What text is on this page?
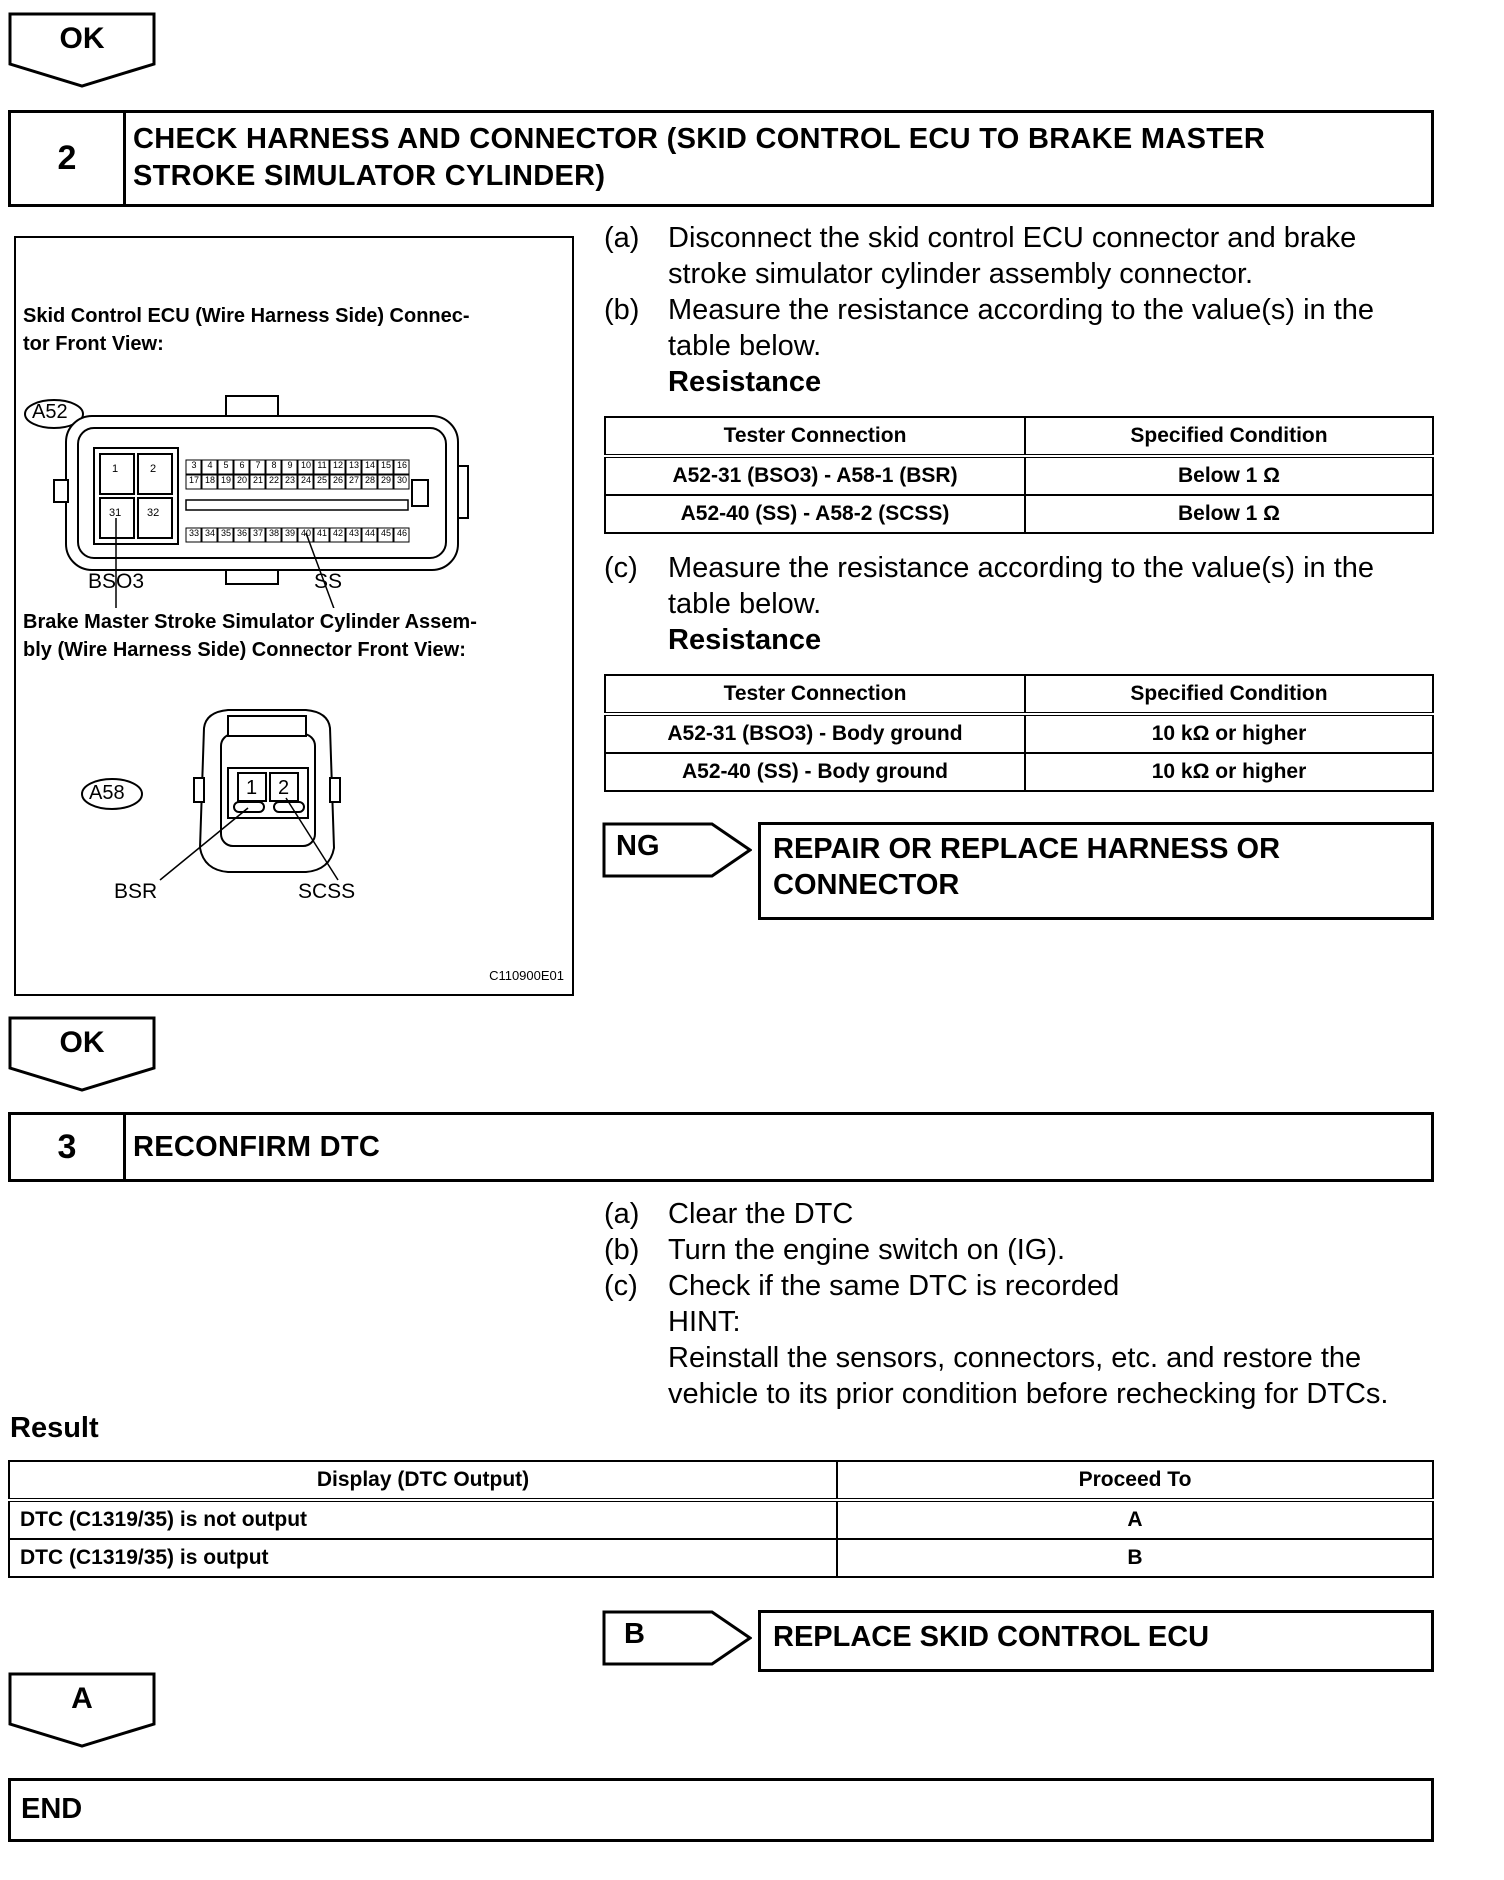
OK
2	CHECK HARNESS AND CONNECTOR (SKID CONTROL ECU TO BRAKE MASTER
STROKE SIMULATOR CYLINDER)
Skid Control ECU (Wire Harness Side) Connec-
tor Front View:
A52
1	2
31 32
3	4	5	6	7	8	9 10 11 12 13 14 15 16
17 18 19 20 21 22 23 24 25 26 27 28 29 30
33 34 35 36 37 38 39 40 41 42 43 44 45 46
BSO3	SS
Brake Master Stroke Simulator Cylinder Assem-
bly (Wire Harness Side) Connector Front View:
A58	1 2
BSR	SCSS
C110900E01
(a) Disconnect the skid control ECU connector and brake
stroke simulator cylinder assembly connector.
(b) Measure the resistance according to the value(s) in the
table below.
Resistance
Tester Connection	Specified Condition
A52-31 (BSO3) - A58-1 (BSR)	Below 1 Ω
A52-40 (SS) - A58-2 (SCSS)	Below 1 Ω
(c) Measure the resistance according to the value(s) in the
table below.
Resistance
Tester Connection	Specified Condition
A52-31 (BSO3) - Body ground	10 kΩ or higher
A52-40 (SS) - Body ground	10 kΩ or higher
NG	REPAIR OR REPLACE HARNESS OR
CONNECTOR
OK
3	RECONFIRM DTC
(a) Clear the DTC
(b) Turn the engine switch on (IG).
(c) Check if the same DTC is recorded
HINT:
Reinstall the sensors, connectors, etc. and restore the
vehicle to its prior condition before rechecking for DTCs.
Result
Display (DTC Output)	Proceed To
DTC (C1319/35) is not output	A
DTC (C1319/35) is output	B
B	REPLACE SKID CONTROL ECU
A
END
